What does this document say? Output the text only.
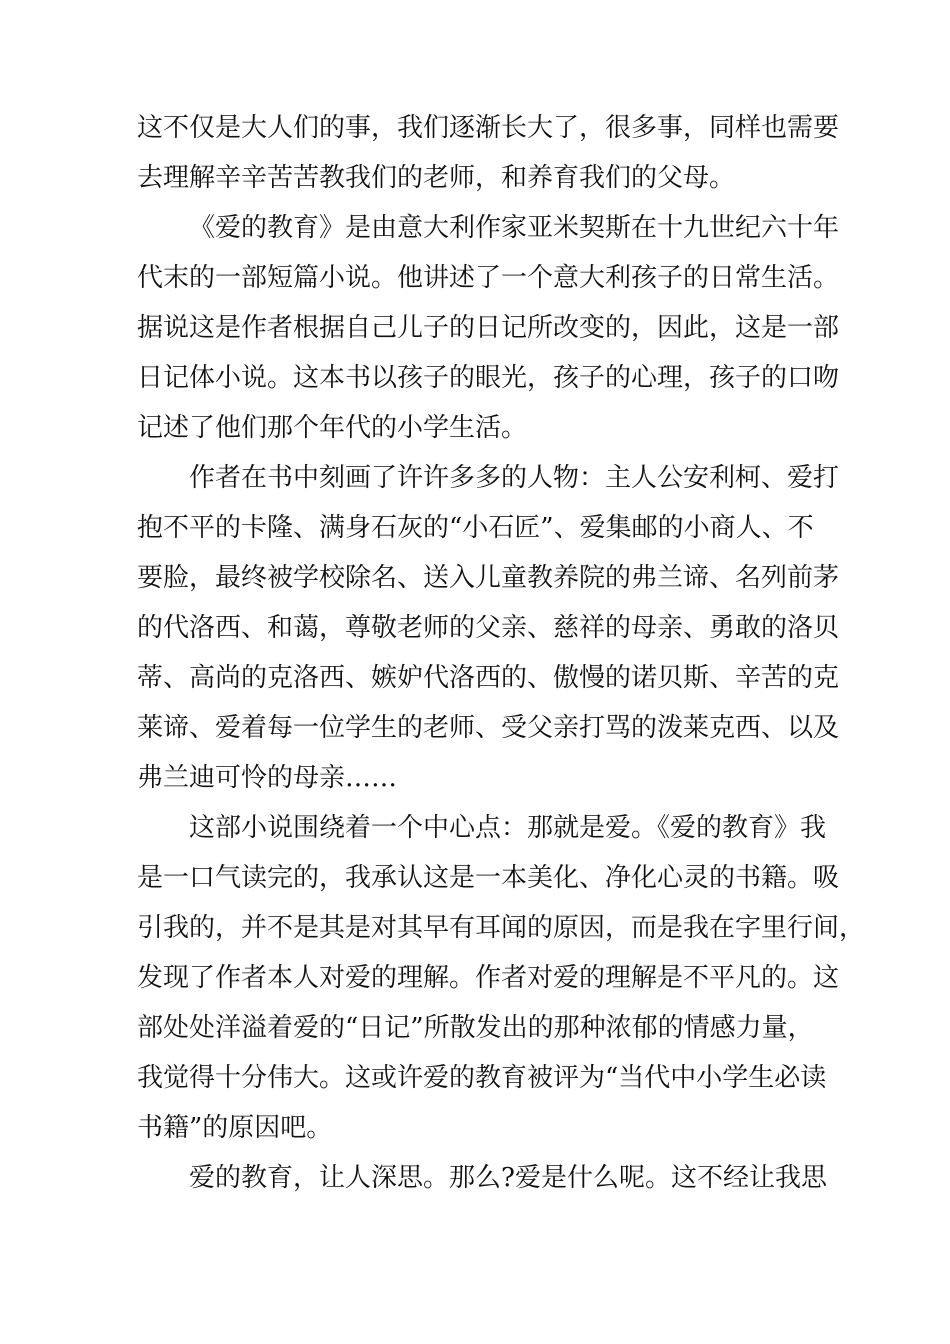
这不仅是大人们的事，我们逐渐长大了，很多事，同样也需要
去理解辛辛苦苦教我们的老师，和养育我们的父母。
《爱的教育》是由意大利作家亚米契斯在十九世纪六十年
代末的一部短篇小说。他讲述了一个意大利孩子的日常生活。
据说这是作者根据自己儿子的日记所改变的，因此，这是一部
日记体小说。这本书以孩子的眼光，孩子的心理，孩子的口吻
记述了他们那个年代的小学生活。
作者在书中刻画了许许多多的人物：主人公安利柯、爱打
抱不平的卡隆、满身石灰的“小石匠”、爱集邮的小商人、不
要脸，最终被学校除名、送入儿童教养院的弗兰谛、名列前茅
的代洛西、和蔼，尊敬老师的父亲、慈祥的母亲、勇敢的洛贝
蒂、高尚的克洛西、嫉妒代洛西的、傲慢的诺贝斯、辛苦的克
莱谛、爱着每一位学生的老师、受父亲打骂的泼莱克西、以及
弗兰迪可怜的母亲……
这部小说围绕着一个中心点：那就是爱。《爱的教育》我
是一口气读完的，我承认这是一本美化、净化心灵的书籍。吸
引我的，并不是其是对其早有耳闻的原因，而是我在字里行间，
发现了作者本人对爱的理解。作者对爱的理解是不平凡的。这
部处处洋溢着爱的“日记”所散发出的那种浓郁的情感力量，
我觉得十分伟大。这或许爱的教育被评为“当代中小学生必读
书籍”的原因吧。
爱的教育，让人深思。那么?爱是什么呢。这不经让我思
